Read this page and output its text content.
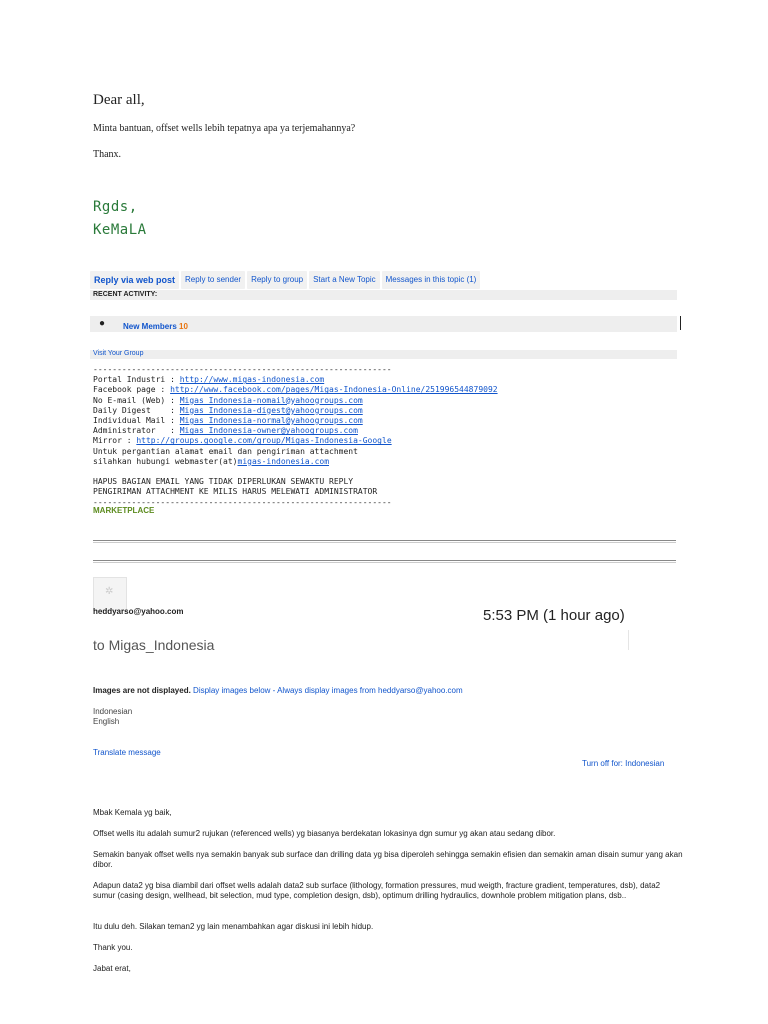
Dear all,
Minta bantuan, offset wells lebih tepatnya apa ya terjemahannya?
Thanx.
Rgds,
KeMaLA
Reply via web post	Reply to sender	Reply to group	Start a New Topic	Messages in this topic (1)
RECENT ACTIVITY:
● New Members 10
Visit Your Group
--------------------------------------------------------------
Portal Industri : http://www.migas-indonesia.com
Facebook page : http://www.facebook.com/pages/Migas-Indonesia-Online/251996544879092
No E-mail (Web) : Migas_Indonesia-nomail@yahoogroups.com
Daily Digest    : Migas_Indonesia-digest@yahoogroups.com
Individual Mail : Migas_Indonesia-normal@yahoogroups.com
Administrator   : Migas_Indonesia-owner@yahoogroups.com
Mirror : http://groups.google.com/group/Migas-Indonesia-Google
Untuk pergantian alamat email dan pengiriman attachment
silahkan hubungi webmaster(at)migas-indonesia.com

HAPUS BAGIAN EMAIL YANG TIDAK DIPERLUKAN SEWAKTU REPLY
PENGIRIMAN ATTACHMENT KE MILIS HARUS MELEWATI ADMINISTRATOR
--------------------------------------------------------------
MARKETPLACE
✲
heddyarso@yahoo.com	5:53 PM (1 hour ago)
to Migas_Indonesia
Images are not displayed. Display images below - Always display images from heddyarso@yahoo.com
Indonesian
English
Translate message
Turn off for: Indonesian
Mbak Kemala yg baik,
Offset wells itu adalah sumur2 rujukan (referenced wells) yg biasanya berdekatan lokasinya dgn sumur yg akan atau sedang dibor.
Semakin banyak offset wells nya semakin banyak sub surface dan drilling data yg bisa diperoleh sehingga semakin efisien dan semakin aman disain sumur yang akan dibor.
Adapun data2 yg bisa diambil dari offset wells adalah data2 sub surface (lithology, formation pressures, mud weigth, fracture gradient, temperatures, dsb), data2 sumur (casing design, wellhead, bit selection, mud type, completion design, dsb), optimum drilling hydraulics, downhole problem mitigation plans, dsb..
Itu dulu deh. Silakan teman2 yg lain menambahkan agar diskusi ini lebih hidup.
Thank you.
Jabat erat,
